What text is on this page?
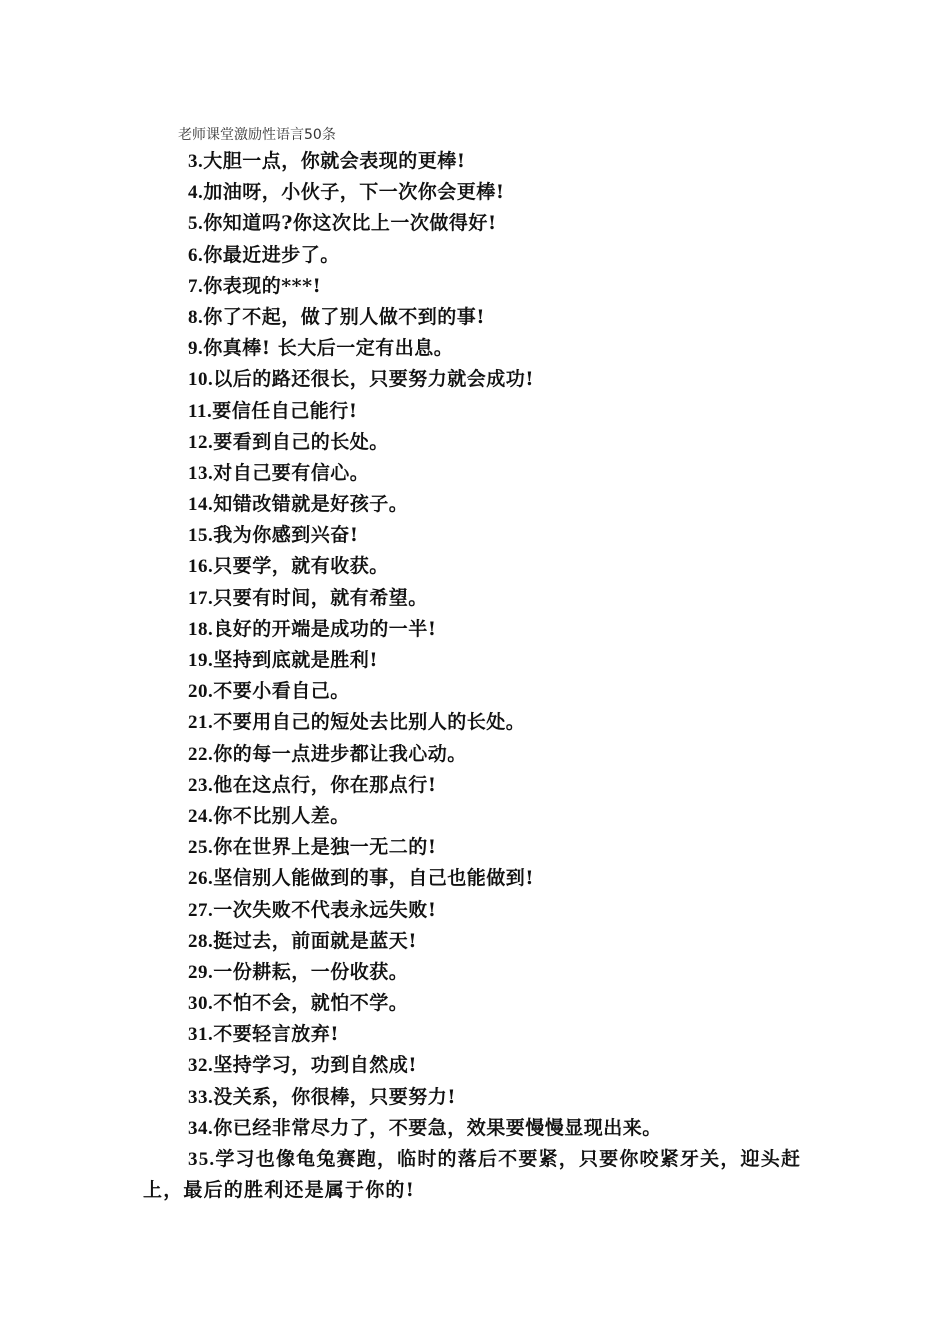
老师课堂激励性语言50条
3.大胆一点，你就会表现的更棒!
4.加油呀，小伙子，下一次你会更棒!
5.你知道吗?你这次比上一次做得好!
6.你最近进步了。
7.你表现的***!
8.你了不起，做了别人做不到的事!
9.你真棒! 长大后一定有出息。
10.以后的路还很长，只要努力就会成功!
11.要信任自己能行!
12.要看到自己的长处。
13.对自己要有信心。
14.知错改错就是好孩子。
15.我为你感到兴奋!
16.只要学，就有收获。
17.只要有时间，就有希望。
18.良好的开端是成功的一半!
19.坚持到底就是胜利!
20.不要小看自己。
21.不要用自己的短处去比别人的长处。
22.你的每一点进步都让我心动。
23.他在这点行，你在那点行!
24.你不比别人差。
25.你在世界上是独一无二的!
26.坚信别人能做到的事，自己也能做到!
27.一次失败不代表永远失败!
28.挺过去，前面就是蓝天!
29.一份耕耘，一份收获。
30.不怕不会，就怕不学。
31.不要轻言放弃!
32.坚持学习，功到自然成!
33.没关系，你很棒，只要努力!
34.你已经非常尽力了，不要急，效果要慢慢显现出来。
35.学习也像龟兔赛跑，临时的落后不要紧，只要你咬紧牙关，迎头赶上，最后的胜利还是属于你的!
